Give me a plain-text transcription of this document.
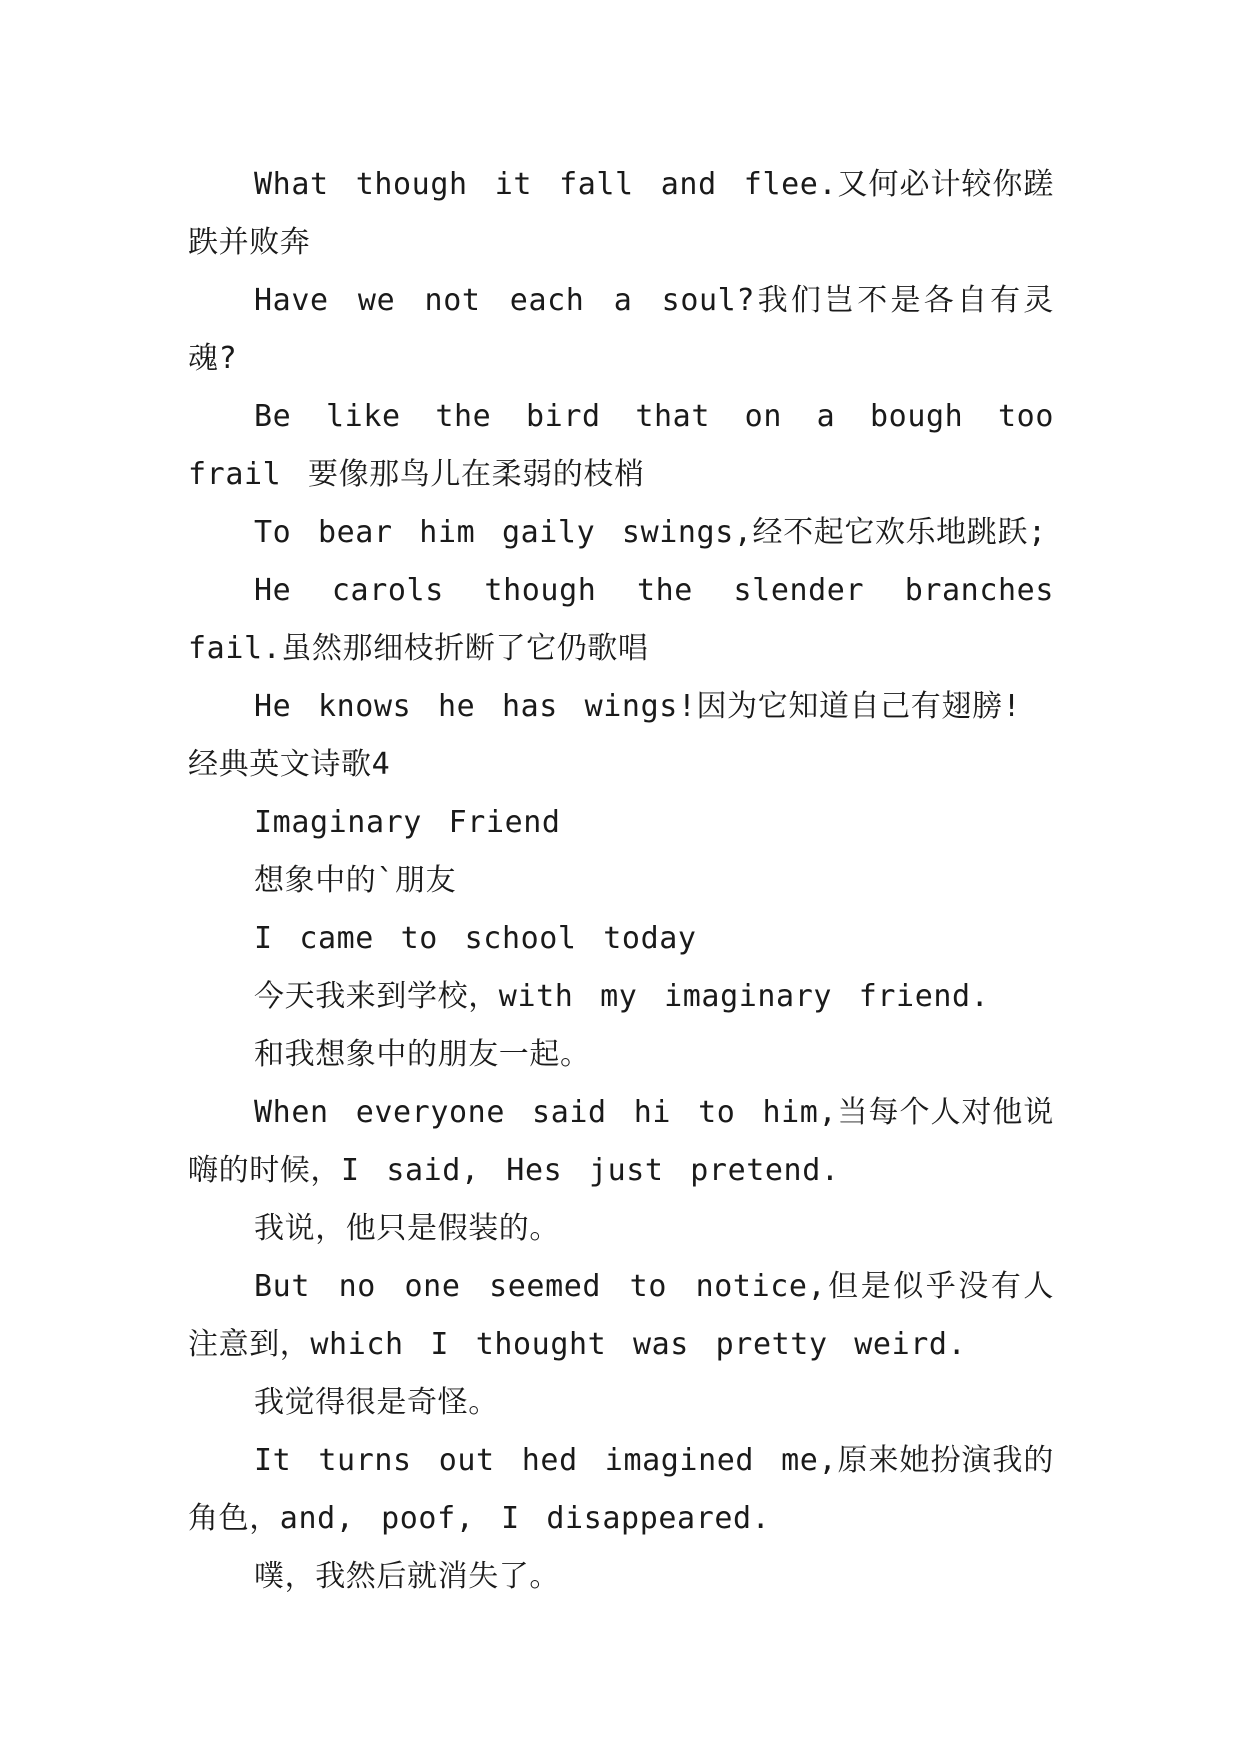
What though it fall and flee.又何必计较你蹉跌并败奔

Have we not each a soul?我们岂不是各自有灵魂?

Be like the bird that on a bough too frail 要像那鸟儿在柔弱的枝梢

To bear him gaily swings,经不起它欢乐地跳跃;

He carols though the slender branches fail.虽然那细枝折断了它仍歌唱

He knows he has wings!因为它知道自己有翅膀!

经典英文诗歌4

Imaginary Friend

想象中的`朋友

I came to school today

今天我来到学校，with my imaginary friend.

和我想象中的朋友一起。

When everyone said hi to him,当每个人对他说嗨的时候，I said, Hes just pretend.

我说，他只是假装的。

But no one seemed to notice,但是似乎没有人注意到，which I thought was pretty weird.

我觉得很是奇怪。

It turns out hed imagined me,原来她扮演我的角色，and, poof, I disappeared.

噗，我然后就消失了。
